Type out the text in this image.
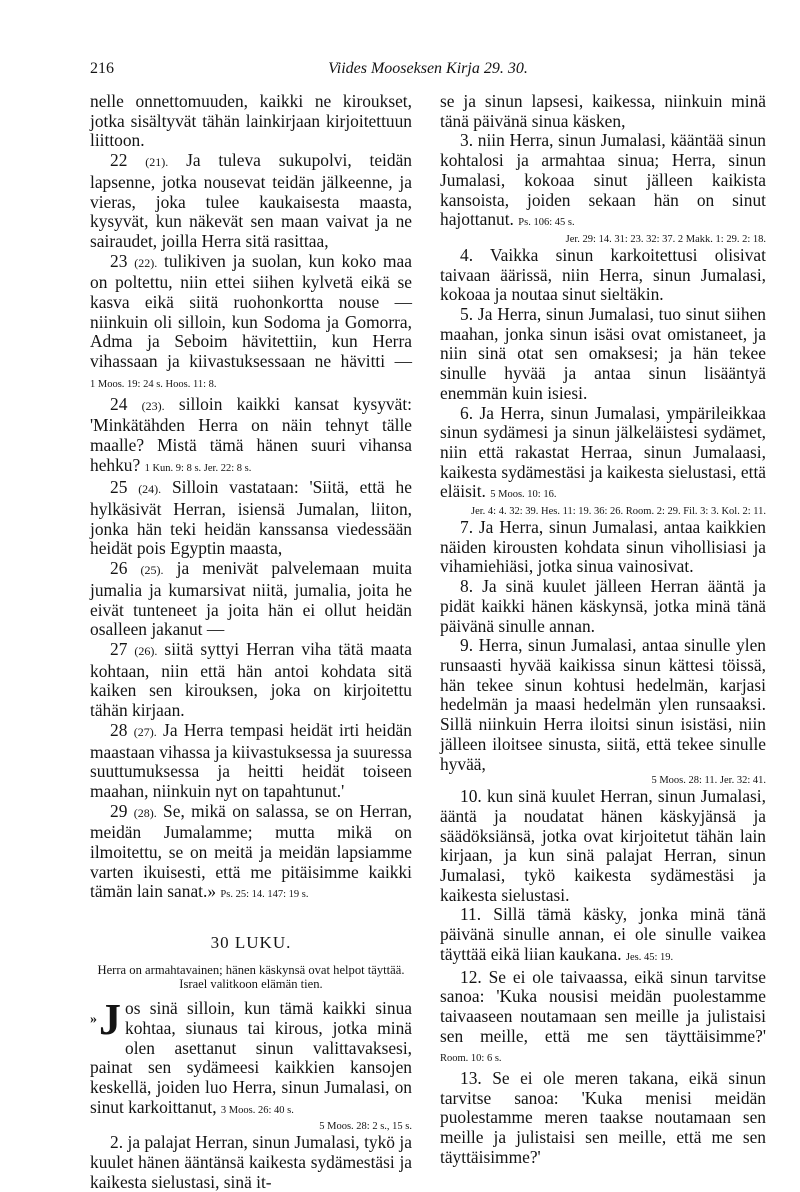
216	Viides Mooseksen Kirja 29. 30.

nelle onnettomuuden, kaikki ne kiroukset, jotka sisältyvät tähän lainkirjaan kirjoitettuun liittoon.

22 (21). Ja tuleva sukupolvi, teidän lapsenne, jotka nousevat teidän jälkeenne, ja vieras, joka tulee kaukaisesta maasta, kysyvät, kun näkevät sen maan vaivat ja ne sairaudet, joilla Herra sitä rasittaa,

23 (22). tulikiven ja suolan, kun koko maa on poltettu, niin ettei siihen kylvetä eikä se kasva eikä siitä ruohonkortta nouse — niinkuin oli silloin, kun Sodoma ja Gomorra, Adma ja Seboim hävitettiin, kun Herra vihassaan ja kiivastuksessaan ne hävitti — 1 Moos. 19: 24 s. Hoos. 11: 8.

24 (23). silloin kaikki kansat kysyvät: 'Minkätähden Herra on näin tehnyt tälle maalle? Mistä tämä hänen suuri vihansa hehku? 1 Kun. 9: 8 s. Jer. 22: 8 s.

25 (24). Silloin vastataan: 'Siitä, että he hylkäsivät Herran, isiensä Jumalan, liiton, jonka hän teki heidän kanssansa viedessään heidät pois Egyptin maasta,

26 (25). ja menivät palvelemaan muita jumalia ja kumarsivat niitä, jumalia, joita he eivät tunteneet ja joita hän ei ollut heidän osalleen jakanut —

27 (26). siitä syttyi Herran viha tätä maata kohtaan, niin että hän antoi kohdata sitä kaiken sen kirouksen, joka on kirjoitettu tähän kirjaan.

28 (27). Ja Herra tempasi heidät irti heidän maastaan vihassa ja kiivastuksessa ja suuressa suuttumuksessa ja heitti heidät toiseen maahan, niinkuin nyt on tapahtunut.'

29 (28). Se, mikä on salassa, se on Herran, meidän Jumalamme; mutta mikä on ilmoitettu, se on meitä ja meidän lapsiamme varten ikuisesti, että me pitäisimme kaikki tämän lain sanat.» Ps. 25: 14. 147: 19 s.

30 LUKU.
Herra on armahtavainen; hänen käskynsä ovat helpot täyttää. Israel valitkoon elämän tien.

»J os sinä silloin, kun tämä kaikki sinua kohtaa, siunaus tai kirous, jotka minä olen asettanut sinun valittavaksesi, painat sen sydämeesi kaikkien kansojen keskellä, joiden luo Herra, sinun Jumalasi, on sinut karkoittanut, 3 Moos. 26: 40 s.

5 Moos. 28: 2 s., 15 s.

2. ja palajat Herran, sinun Jumalasi, tykö ja kuulet hänen ääntänsä kaikesta sydämestäsi ja kaikesta sielustasi, sinä it-

se ja sinun lapsesi, kaikessa, niinkuin minä tänä päivänä sinua käsken,

3. niin Herra, sinun Jumalasi, kääntää sinun kohtalosi ja armahtaa sinua; Herra, sinun Jumalasi, kokoaa sinut jälleen kaikista kansoista, joiden sekaan hän on sinut hajottanut. Ps. 106: 45 s.

Jer. 29: 14. 31: 23. 32: 37. 2 Makk. 1: 29. 2: 18.

4. Vaikka sinun karkoitettusi olisivat taivaan äärissä, niin Herra, sinun Jumalasi, kokoaa ja noutaa sinut sieltäkin.

5. Ja Herra, sinun Jumalasi, tuo sinut siihen maahan, jonka sinun isäsi ovat omistaneet, ja niin sinä otat sen omaksesi; ja hän tekee sinulle hyvää ja antaa sinun lisääntyä enemmän kuin isiesi.

6. Ja Herra, sinun Jumalasi, ympärileikkaa sinun sydämesi ja sinun jälkeläistesi sydämet, niin että rakastat Herraa, sinun Jumalaasi, kaikesta sydämestäsi ja kaikesta sielustasi, että eläisit. 5 Moos. 10: 16.

Jer. 4: 4. 32: 39. Hes. 11: 19. 36: 26. Room. 2: 29. Fil. 3: 3. Kol. 2: 11.

7. Ja Herra, sinun Jumalasi, antaa kaikkien näiden kirousten kohdata sinun vihollisiasi ja vihamiehiäsi, jotka sinua vainosivat.

8. Ja sinä kuulet jälleen Herran ääntä ja pidät kaikki hänen käskynsä, jotka minä tänä päivänä sinulle annan.

9. Herra, sinun Jumalasi, antaa sinulle ylen runsaasti hyvää kaikissa sinun kättesi töissä, hän tekee sinun kohtusi hedelmän, karjasi hedelmän ja maasi hedelmän ylen runsaaksi. Sillä niinkuin Herra iloitsi sinun isistäsi, niin jälleen iloitsee sinusta, siitä, että tekee sinulle hyvää,

5 Moos. 28: 11. Jer. 32: 41.

10. kun sinä kuulet Herran, sinun Jumalasi, ääntä ja noudatat hänen käskyjänsä ja säädöksiänsä, jotka ovat kirjoitetut tähän lain kirjaan, ja kun sinä palajat Herran, sinun Jumalasi, tykö kaikesta sydämestäsi ja kaikesta sielustasi.

11. Sillä tämä käsky, jonka minä tänä päivänä sinulle annan, ei ole sinulle vaikea täyttää eikä liian kaukana. Jes. 45: 19.

12. Se ei ole taivaassa, eikä sinun tarvitse sanoa: 'Kuka nousisi meidän puolestamme taivaaseen noutamaan sen meille ja julistaisi sen meille, että me sen täyttäisimme?' Room. 10: 6 s.

13. Se ei ole meren takana, eikä sinun tarvitse sanoa: 'Kuka menisi meidän puolestamme meren taakse noutamaan sen meille ja julistaisi sen meille, että me sen täyttäisimme?'
